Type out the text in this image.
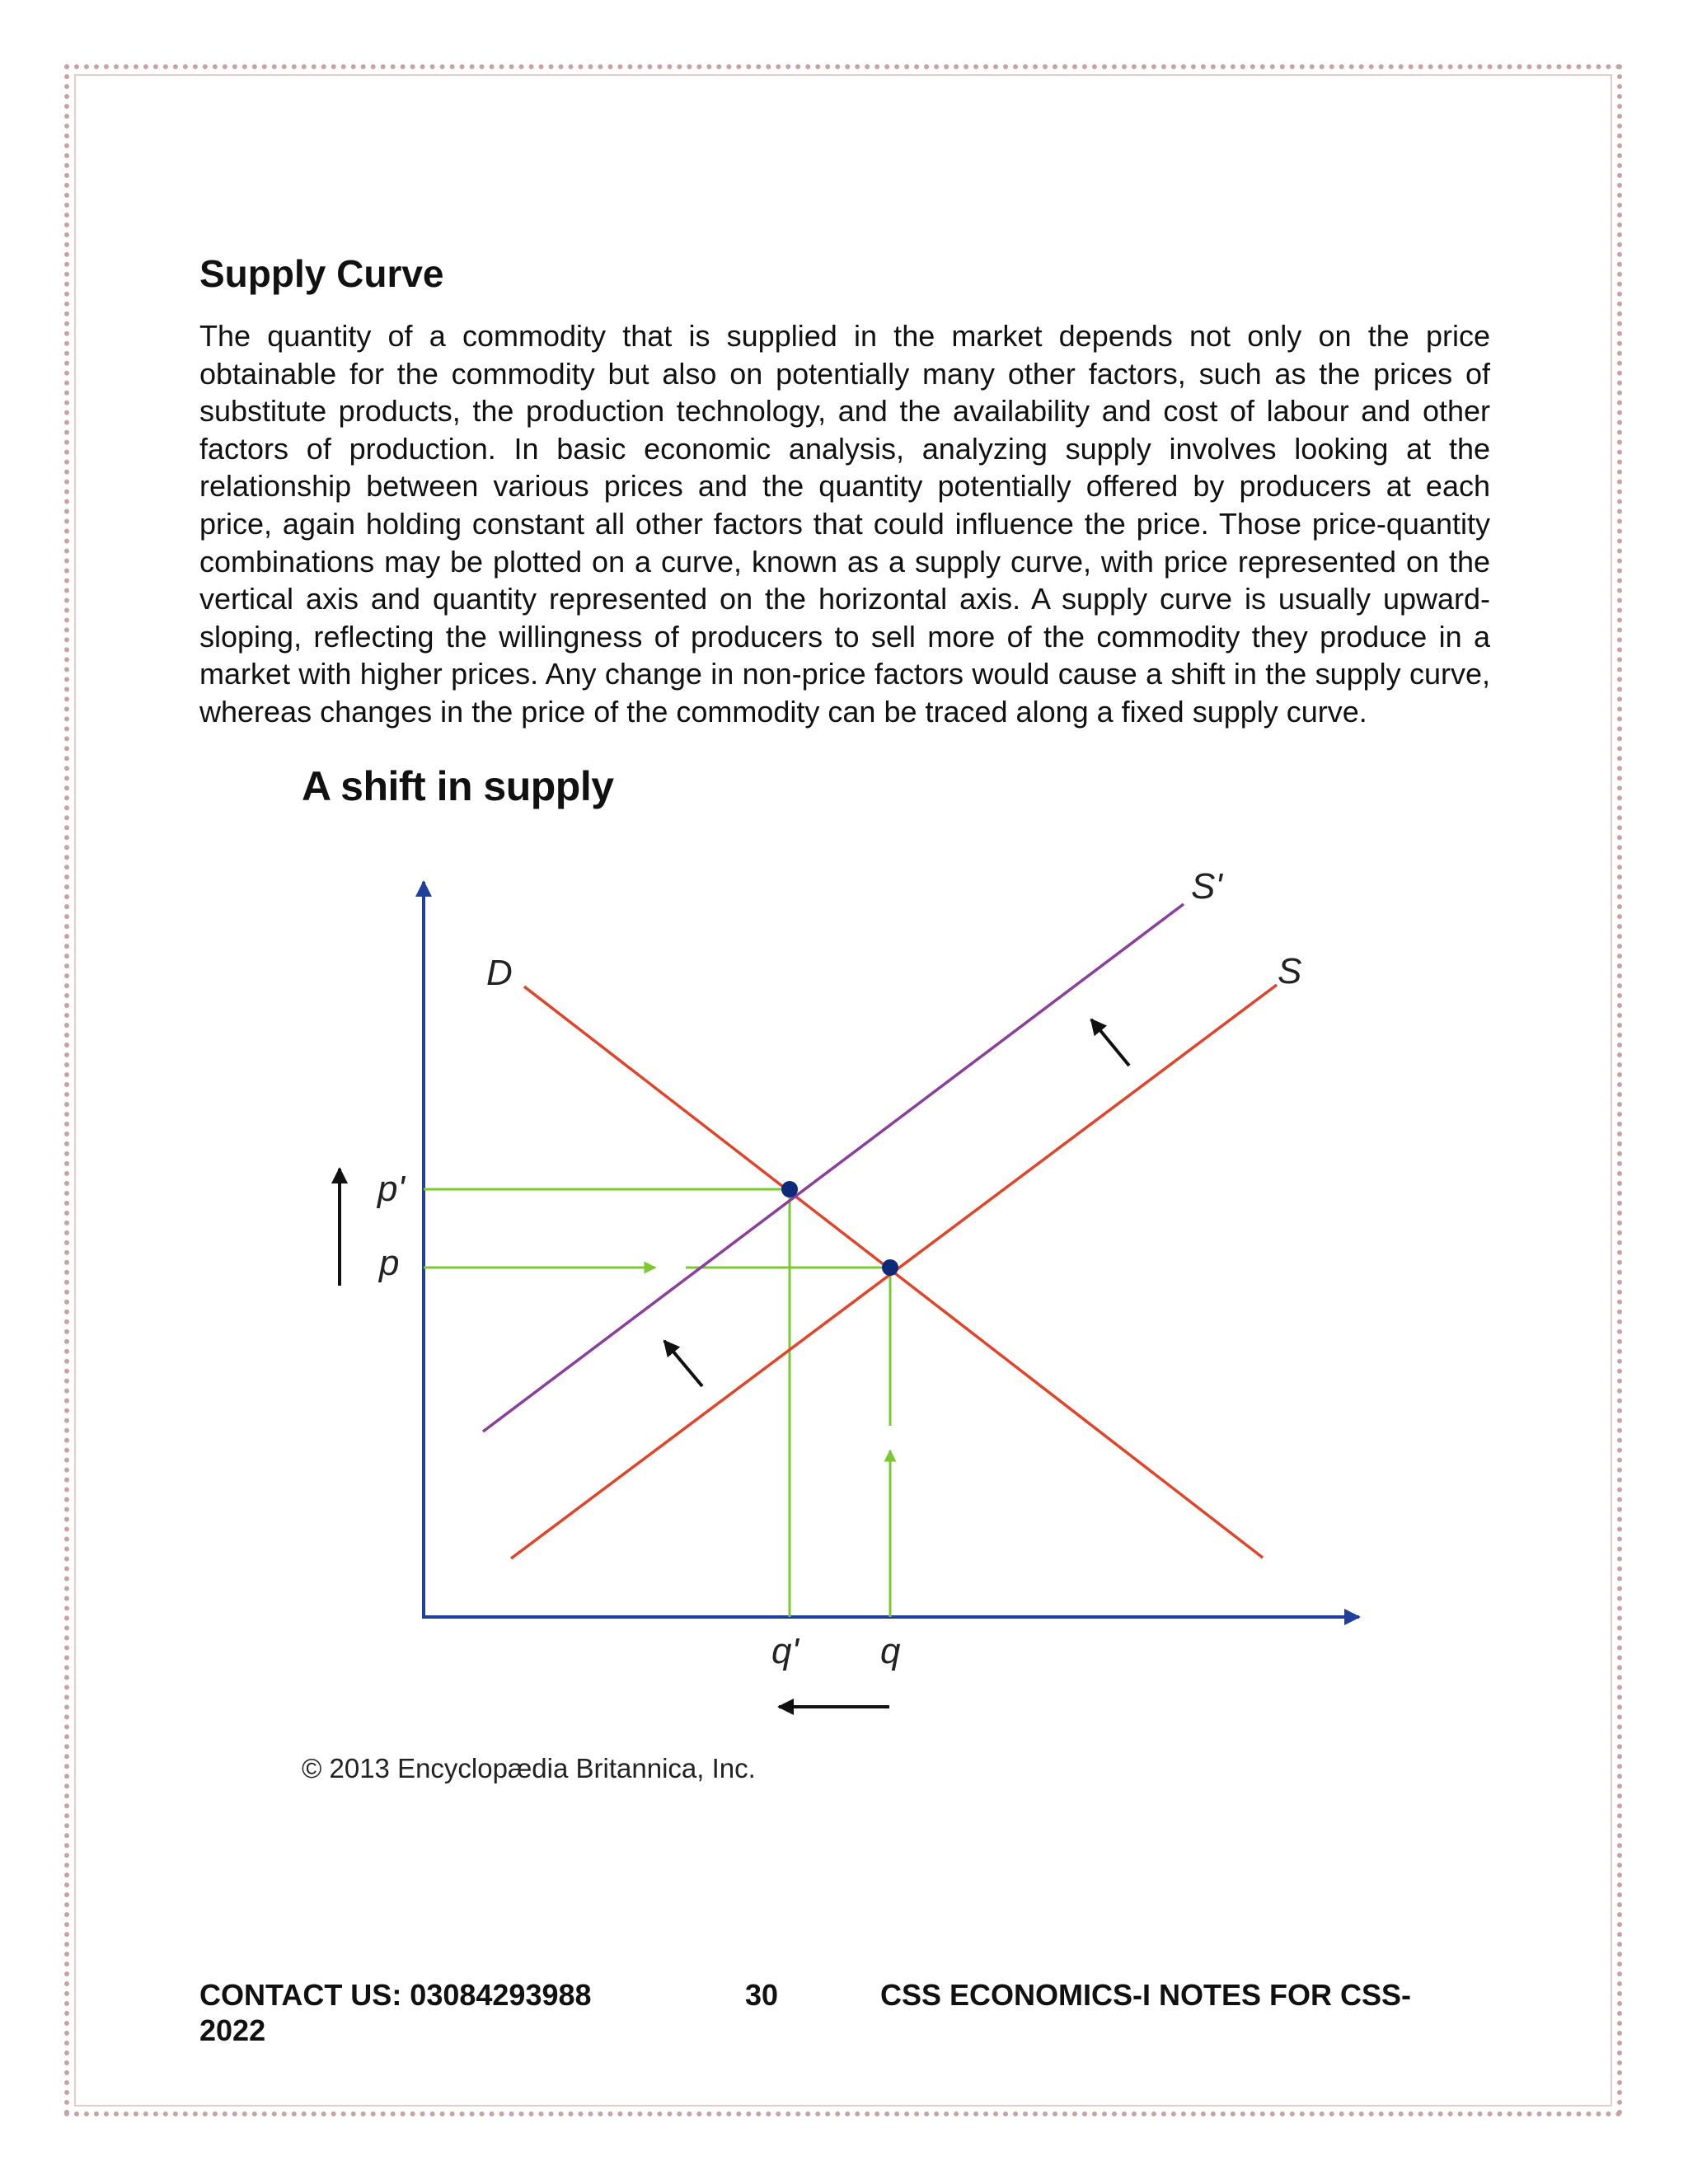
Supply Curve

The quantity of a commodity that is supplied in the market depends not only on the price obtainable for the commodity but also on potentially many other factors, such as the prices of substitute products, the production technology, and the availability and cost of labour and other factors of production. In basic economic analysis, analyzing supply involves looking at the relationship between various prices and the quantity potentially offered by producers at each price, again holding constant all other factors that could influence the price. Those price-quantity combinations may be plotted on a curve, known as a supply curve, with price represented on the vertical axis and quantity represented on the horizontal axis. A supply curve is usually upward-sloping, reflecting the willingness of producers to sell more of the commodity they produce in a market with higher prices. Any change in non-price factors would cause a shift in the supply curve, whereas changes in the price of the commodity can be traced along a fixed supply curve.

D	S
S'
p'
p
q' q
A shift in supply
© 2013 Encyclopædia Britannica, Inc.
CONTACT US: 03084293988	30	CSS ECONOMICS-I NOTES FOR CSS-
2022
